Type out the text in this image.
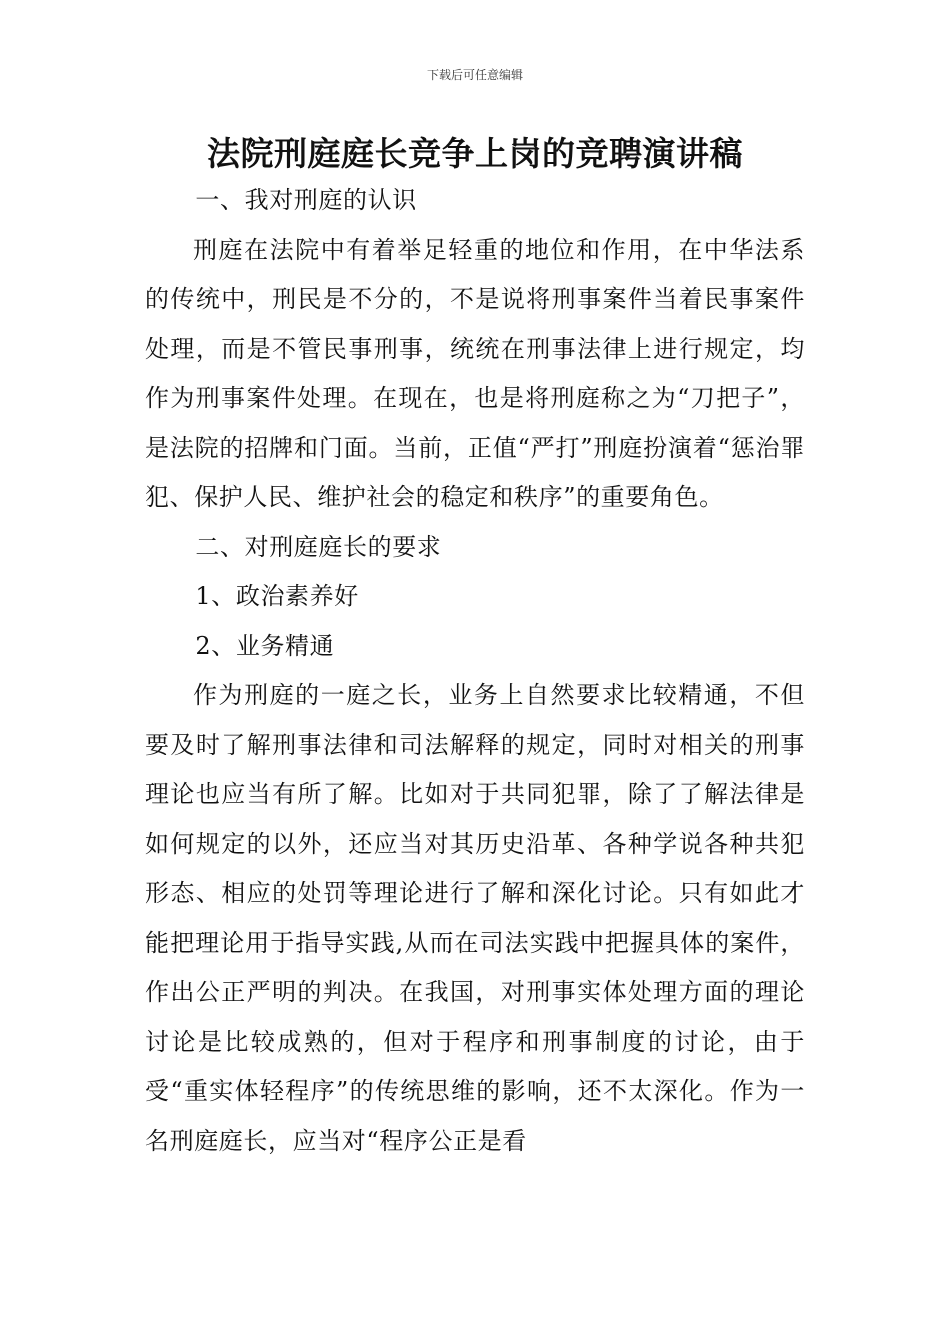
下载后可任意编辑
法院刑庭庭长竞争上岗的竞聘演讲稿

一、我对刑庭的认识

刑庭在法院中有着举足轻重的地位和作用，在中华法系的传统中，刑民是不分的，不是说将刑事案件当着民事案件处理，而是不管民事刑事，统统在刑事法律上进行规定，均作为刑事案件处理。在现在，也是将刑庭称之为“刀把子”，是法院的招牌和门面。当前，正值“严打”刑庭扮演着“惩治罪犯、保护人民、维护社会的稳定和秩序”的重要角色。

二、对刑庭庭长的要求

1、政治素养好

2、业务精通

作为刑庭的一庭之长，业务上自然要求比较精通，不但要及时了解刑事法律和司法解释的规定，同时对相关的刑事理论也应当有所了解。比如对于共同犯罪，除了了解法律是如何规定的以外，还应当对其历史沿革、各种学说各种共犯形态、相应的处罚等理论进行了解和深化讨论。只有如此才能把理论用于指导实践,从而在司法实践中把握具体的案件，作出公正严明的判决。在我国，对刑事实体处理方面的理论讨论是比较成熟的，但对于程序和刑事制度的讨论，由于受“重实体轻程序”的传统思维的影响，还不太深化。作为一名刑庭庭长，应当对“程序公正是看
